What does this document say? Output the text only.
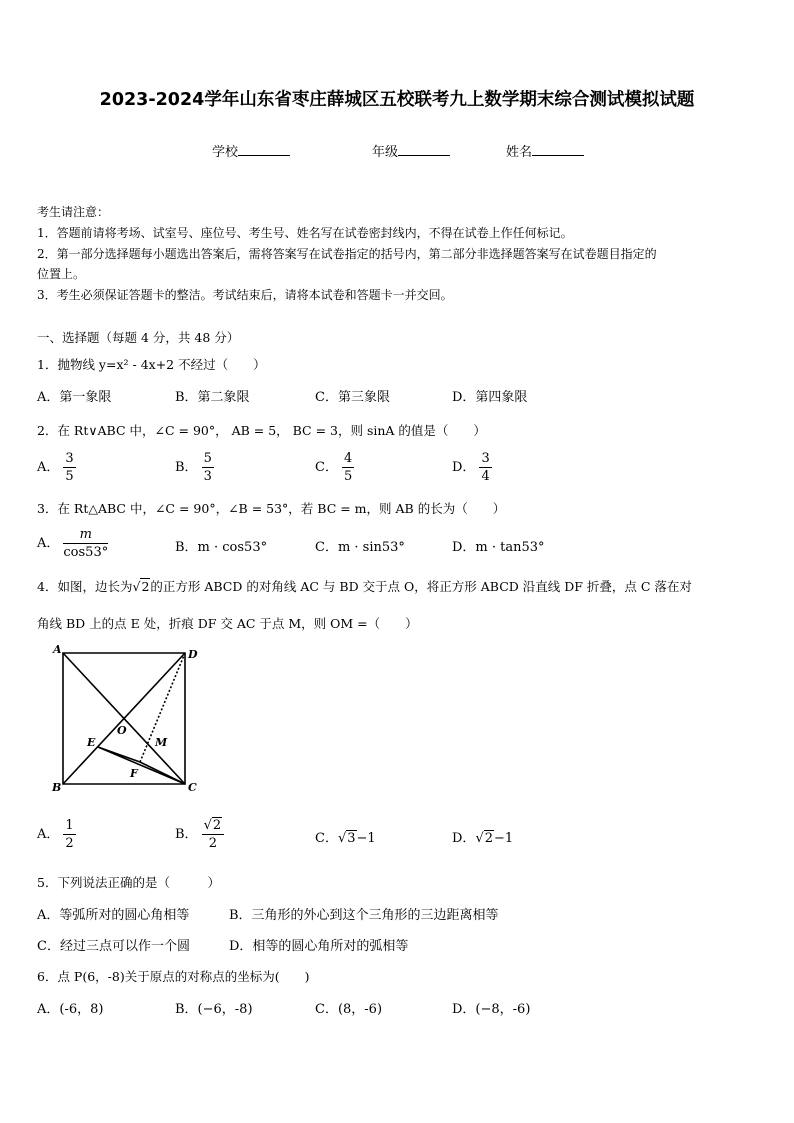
2023-2024学年山东省枣庄薛城区五校联考九上数学期末综合测试模拟试题
学校	年级	姓名
考生请注意：
1．答题前请将考场、试室号、座位号、考生号、姓名写在试卷密封线内，不得在试卷上作任何标记。
2．第一部分选择题每小题选出答案后，需将答案写在试卷指定的括号内，第二部分非选择题答案写在试卷题目指定的
位置上。
3．考生必须保证答题卡的整洁。考试结束后，请将本试卷和答题卡一并交回。
一、选择题（每题 4 分，共 48 分）
1．抛物线 y=x² - 4x+2 不经过（　　）
A．第一象限	B．第二象限	C．第三象限	D．第四象限
2．在 Rt∨ABC 中，∠C = 90°， AB = 5， BC = 3，则 sinA 的值是（　　）
A． $\frac{3}{5}$	B． $\frac{5}{3}$	C． $\frac{4}{5}$	D． $\frac{3}{4}$
3．在 Rt△ABC 中，∠C = 90°，∠B = 53°，若 BC = m，则 AB 的长为（　　）
A． $\frac{m}{\cos 53^\circ}$	B．m · cos53°	C．m · sin53°	D．m · tan53°
4．如图，边长为√2的正方形 ABCD 的对角线 AC 与 BD 交于点 O，将正方形 ABCD 沿直线 DF 折叠，点 C 落在对
角线 BD 上的点 E 处，折痕 DF 交 AC 于点 M，则 OM =（　　）
A	D
B	C
O
E	M
F
A． $\frac{1}{2}$	B． $\frac{√2}{2}$	C．√3−1	D．√2−1
5．下列说法正确的是（　　　）
A．等弧所对的圆心角相等	B．三角形的外心到这个三角形的三边距离相等
C．经过三点可以作一个圆	D．相等的圆心角所对的弧相等
6．点 P(6，-8)关于原点的对称点的坐标为(　　)
A．(-6，8)	B．(−6，-8)	C．(8，-6)	D．(−8，-6)
